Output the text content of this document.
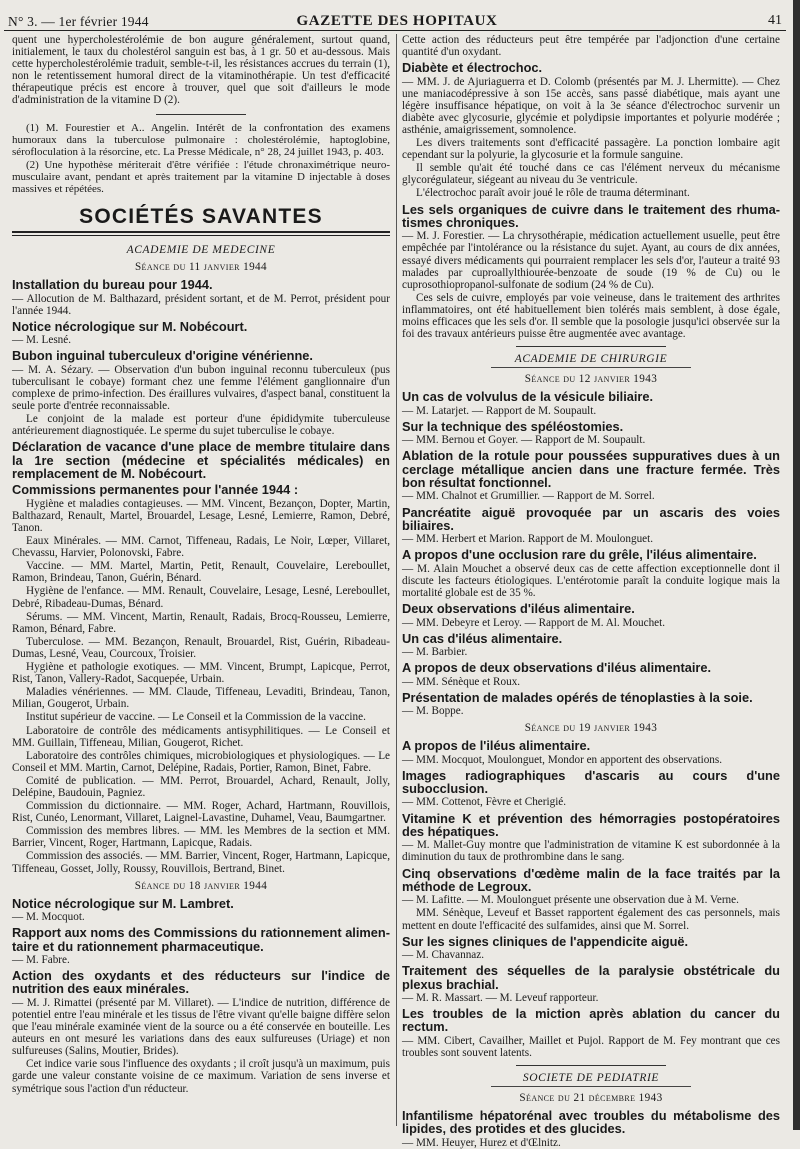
N° 3. — 1er février 1944	GAZETTE DES HOPITAUX	41

quent une hypercholestérolémie de bon augure généralement, surtout quand, initialement, le taux du cholestérol sanguin est bas, à 1 gr. 50 et au-dessous. Mais cette hypercholestérolémie traduit, semble-t-il, les résistances accrues du terrain (1), non le retentissement humoral direct de la vitaminothérapie. Un test d'efficacité thérapeutique précis est encore à trouver, quel que soit d'ailleurs le mode d'administration de la vitamine D (2).

(1) M. Fourestier et A.. Angelin. Intérêt de la confrontation des examens humoraux dans la tuberculose pulmonaire : cholestérolémie, haptoglobine, sérofloculation à la résorcine, etc. La Presse Médicale, n° 28, 24 juillet 1943, p. 403.

(2) Une hypothèse mériterait d'être vérifiée : l'étude chronaximétrique neuro-musculaire avant, pendant et après traitement par la vitamine D injectable à doses massives et répétées.

SOCIÉTÉS SAVANTES
ACADEMIE DE MEDECINE
Séance du 11 janvier 1944

Installation du bureau pour 1944.

— Allocution de M. Balthazard, président sortant, et de M. Perrot, président pour l'année 1944.

Notice nécrologique sur M. Nobécourt.

— M. Lesné.

Bubon inguinal tuberculeux d'origine vénérienne.

— M. A. Sézary. — Observation d'un bubon inguinal reconnu tuberculeux (pus tuberculisant le cobaye) formant chez une femme l'élément ganglionnaire d'un complexe de primo-infection. Des éraillures vulvaires, d'aspect banal, constituent la seule porte d'entrée reconnaissable.

Le conjoint de la malade est porteur d'une épididymite tuberculeuse antérieurement diagnostiquée. Le sperme du sujet tuberculise le cobaye.

Déclaration de vacance d'une place de membre titulaire dans la 1re section (médecine et spécialités médicales) en remplacement de M. Nobécourt.

Commissions permanentes pour l'année 1944 :

Hygiène et maladies contagieuses. — MM. Vincent, Bezançon, Dopter, Martin, Balthazard, Renault, Martel, Brouardel, Lesage, Lesné, Lemierre, Ramon, Debré, Tanon.

Eaux Minérales. — MM. Carnot, Tiffeneau, Radais, Le Noir, Lœper, Villaret, Chevassu, Harvier, Polonovski, Fabre.

Vaccine. — MM. Martel, Martin, Petit, Renault, Couvelaire, Lereboullet, Ramon, Brindeau, Tanon, Guérin, Bénard.

Hygiène de l'enfance. — MM. Renault, Couvelaire, Lesage, Lesné, Lereboullet, Debré, Ribadeau-Dumas, Bénard.

Sérums. — MM. Vincent, Martin, Renault, Radais, Brocq-Rousseu, Lemierre, Ramon, Bénard, Fabre.

Tuberculose. — MM. Bezançon, Renault, Brouardel, Rist, Guérin, Ribadeau-Dumas, Lesné, Veau, Courcoux, Troisier.

Hygiène et pathologie exotiques. — MM. Vincent, Brumpt, Lapicque, Perrot, Rist, Tanon, Vallery-Radot, Sacquepée, Urbain.

Maladies vénériennes. — MM. Claude, Tiffeneau, Levaditi, Brindeau, Tanon, Milian, Gougerot, Urbain.

Institut supérieur de vaccine. — Le Conseil et la Commission de la vaccine.

Laboratoire de contrôle des médicaments antisyphilitiques. — Le Conseil et MM. Guillain, Tiffeneau, Milian, Gougerot, Richet.

Laboratoire des contrôles chimiques, microbiologiques et physiologiques. — Le Conseil et MM. Martin, Carnot, Delépine, Radais, Portier, Ramon, Binet, Fabre.

Comité de publication. — MM. Perrot, Brouardel, Achard, Renault, Jolly, Delépine, Baudouin, Pagniez.

Commission du dictionnaire. — MM. Roger, Achard, Hartmann, Rouvillois, Rist, Cunéo, Lenormant, Villaret, Laignel-Lavastine, Duhamel, Veau, Baumgartner.

Commission des membres libres. — MM. les Membres de la section et MM. Barrier, Vincent, Roger, Hartmann, Lapicque, Radais.

Commission des associés. — MM. Barrier, Vincent, Roger, Hartmann, Lapicque, Tiffeneau, Gosset, Jolly, Roussy, Rouvillois, Bertrand, Binet.

Séance du 18 janvier 1944

Notice nécrologique sur M. Lambret.

— M. Mocquot.

Rapport aux noms des Commissions du rationnement alimentaire et du rationnement pharmaceutique.

— M. Fabre.

Action des oxydants et des réducteurs sur l'indice de nutrition des eaux minérales.

— M. J. Rimattei (présenté par M. Villaret). — L'indice de nutrition, différence de potentiel entre l'eau minérale et les tissus de l'être vivant qu'elle baigne diffère selon que l'eau minérale examinée vient de la source ou a été conservée en bouteille. Les auteurs en ont mesuré les variations dans des eaux sulfureuses (Uriage) et non sulfureuses (Salins, Moutier, Brides).

Cet indice varie sous l'influence des oxydants ; il croît jusqu'à un maximum, puis garde une valeur constante voisine de ce maximum. Variation de sens inverse et symétrique sous l'action d'un réducteur.

Cette action des réducteurs peut être tempérée par l'adjonction d'une certaine quantité d'un oxydant.

Diabète et électrochoc.

— MM. J. de Ajuriaguerra et D. Colomb (présentés par M. J. Lhermitte). — Chez une maniacodépressive à son 15e accès, sans passé diabétique, mais ayant une légère insuffisance hépatique, on voit à la 3e séance d'électrochoc survenir un diabète avec glycosurie, glycémie et polydipsie importantes et polyurie modérée ; asthénie, amaigrissement, somnolence.

Les divers traitements sont d'efficacité passagère. La ponction lombaire agit cependant sur la polyurie, la glycosurie et la formule sanguine.

Il semble qu'ait été touché dans ce cas l'élément nerveux du mécanisme glycorégulateur, siégeant au niveau du 3e ventricule.

L'électrochoc paraît avoir joué le rôle de trauma déterminant.

Les sels organiques de cuivre dans le traitement des rhumatismes chroniques.

— M. J. Forestier. — La chrysothérapie, médication actuellement usuelle, peut être empêchée par l'intolérance ou la résistance du sujet. Ayant, au cours de dix années, essayé divers médicaments qui pourraient remplacer les sels d'or, l'auteur a traité 93 malades par cuproallylthiourée-benzoate de soude (19 % de Cu) ou le cuprosothiopropanol-sulfonate de sodium (24 % de Cu).

Ces sels de cuivre, employés par voie veineuse, dans le traitement des arthrites inflammatoires, ont été habituellement bien tolérés mais semblent, à dose égale, moins efficaces que les sels d'or. Il semble que la posologie jusqu'ici observée sur la foi des travaux antérieurs puisse être augmentée avec avantage.

ACADEMIE DE CHIRURGIE
Séance du 12 janvier 1943

Un cas de volvulus de la vésicule biliaire.

— M. Latarjet. — Rapport de M. Soupault.

Sur la technique des spéléostomies.

— MM. Bernou et Goyer. — Rapport de M. Soupault.

Ablation de la rotule pour poussées suppuratives dues à un cerclage métallique ancien dans une fracture fermée. Très bon résultat fonctionnel.

— MM. Chalnot et Grumillier. — Rapport de M. Sorrel.

Pancréatite aiguë provoquée par un ascaris des voies biliaires.

— MM. Herbert et Marion. Rapport de M. Moulonguet.

A propos d'une occlusion rare du grêle, l'iléus alimentaire.

— M. Alain Mouchet a observé deux cas de cette affection exceptionnelle dont il discute les facteurs étiologiques. L'entérotomie paraît la conduite logique mais la mortalité globale est de 35 %.

Deux observations d'iléus alimentaire.

— MM. Debeyre et Leroy. — Rapport de M. Al. Mouchet.

Un cas d'iléus alimentaire.

— M. Barbier.

A propos de deux observations d'iléus alimentaire.

— MM. Sénèque et Roux.

Présentation de malades opérés de ténoplasties à la soie.

— M. Boppe.

Séance du 19 janvier 1943

A propos de l'iléus alimentaire.

— MM. Mocquot, Moulonguet, Mondor en apportent des observations.

Images radiographiques d'ascaris au cours d'une subocclusion.

— MM. Cottenot, Fèvre et Cherigié.

Vitamine K et prévention des hémorragies postopératoires des hépatiques.

— M. Mallet-Guy montre que l'administration de vitamine K est subordonnée à la diminution du taux de prothrombine dans le sang.

Cinq observations d'œdème malin de la face traités par la méthode de Legroux.

— M. Lafitte. — M. Moulonguet présente une observation due à M. Verne.

MM. Sénèque, Leveuf et Basset rapportent également des cas personnels, mais mettent en doute l'efficacité des sulfamides, ainsi que M. Sorrel.

Sur les signes cliniques de l'appendicite aiguë.

— M. Chavannaz.

Traitement des séquelles de la paralysie obstétricale du plexus brachial.

— M. R. Massart. — M. Leveuf rapporteur.

Les troubles de la miction après ablation du cancer du rectum.

— MM. Cibert, Cavailher, Maillet et Pujol. Rapport de M. Fey montrant que ces troubles sont souvent latents.

SOCIETE DE PEDIATRIE
Séance du 21 décembre 1943

Infantilisme hépatorénal avec troubles du métabolisme des lipides, des protides et des glucides.

— MM. Heuyer, Hurez et d'Œlnitz.
